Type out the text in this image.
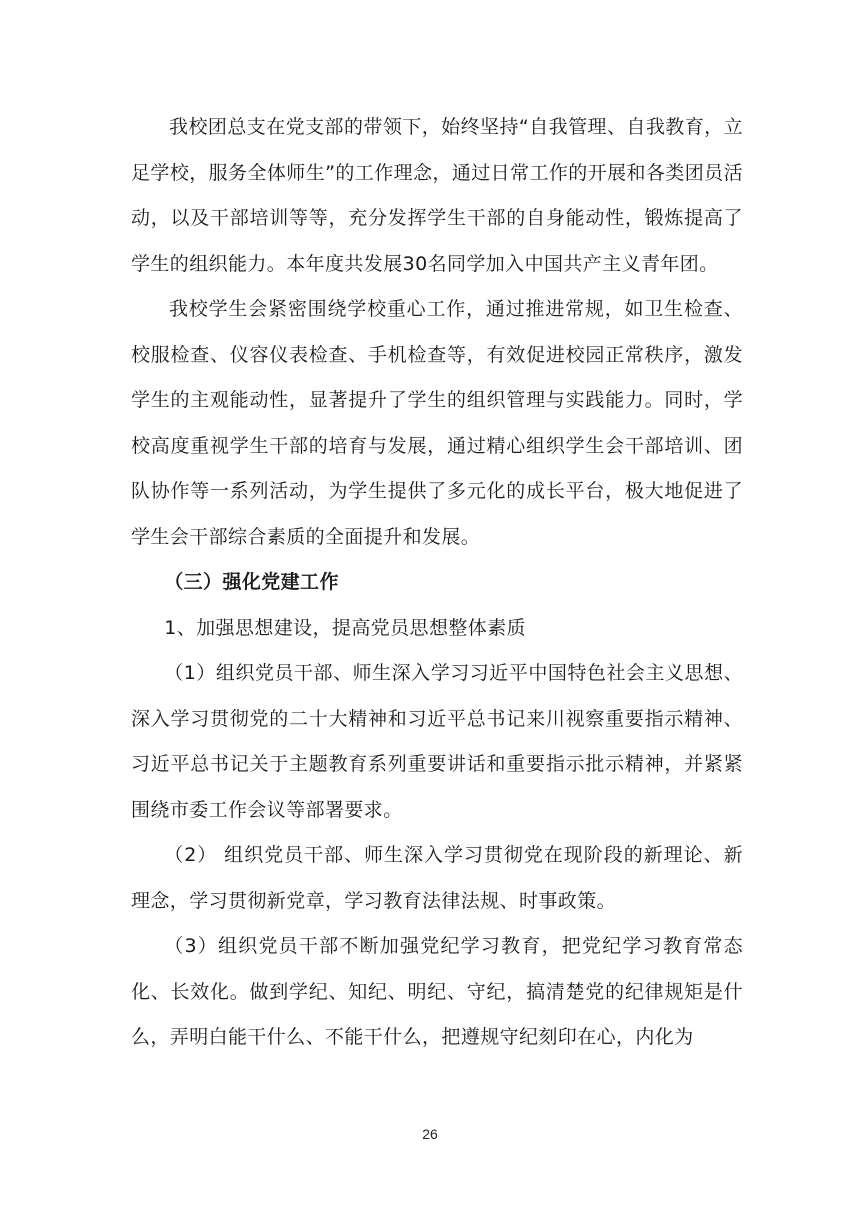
我校团总支在党支部的带领下，始终坚持“自我管理、自我教育，立足学校，服务全体师生”的工作理念，通过日常工作的开展和各类团员活动，以及干部培训等等，充分发挥学生干部的自身能动性，锻炼提高了学生的组织能力。本年度共发展30名同学加入中国共产主义青年团。

我校学生会紧密围绕学校重心工作，通过推进常规，如卫生检查、校服检查、仪容仪表检查、手机检查等，有效促进校园正常秩序，激发学生的主观能动性，显著提升了学生的组织管理与实践能力。同时，学校高度重视学生干部的培育与发展，通过精心组织学生会干部培训、团队协作等一系列活动，为学生提供了多元化的成长平台，极大地促进了学生会干部综合素质的全面提升和发展。

（三）强化党建工作

1、加强思想建设，提高党员思想整体素质

（1）组织党员干部、师生深入学习习近平中国特色社会主义思想、深入学习贯彻党的二十大精神和习近平总书记来川视察重要指示精神、习近平总书记关于主题教育系列重要讲话和重要指示批示精神，并紧紧围绕市委工作会议等部署要求。

（2） 组织党员干部、师生深入学习贯彻党在现阶段的新理论、新理念，学习贯彻新党章，学习教育法律法规、时事政策。

（3）组织党员干部不断加强党纪学习教育，把党纪学习教育常态化、长效化。做到学纪、知纪、明纪、守纪，搞清楚党的纪律规矩是什么，弄明白能干什么、不能干什么，把遵规守纪刻印在心，内化为

26
